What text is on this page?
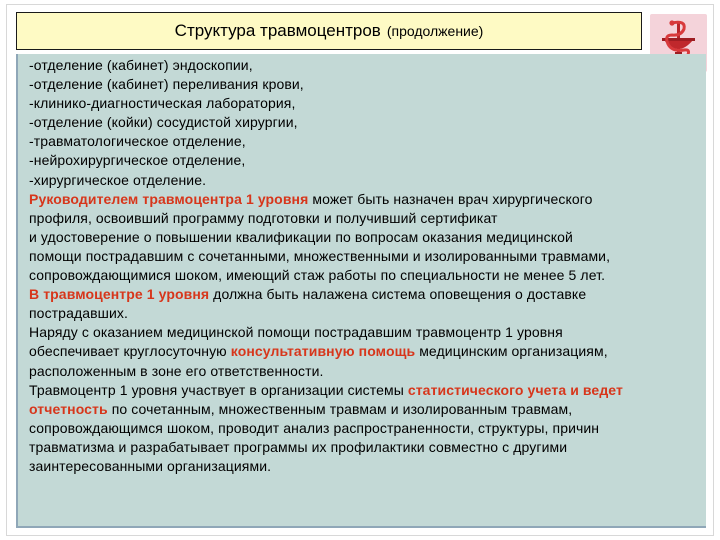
Структура травмоцентров (продолжение)
-отделение (кабинет) эндоскопии,
-отделение (кабинет) переливания крови,
-клинико-диагностическая лаборатория,
-отделение (койки) сосудистой хирургии,
-травматологическое отделение,
-нейрохирургическое отделение,
-хирургическое отделение.
Руководителем травмоцентра 1 уровня может быть назначен врач хирургического
профиля, освоивший программу подготовки и получивший сертификат
и удостоверение о повышении квалификации по вопросам оказания медицинской
помощи пострадавшим с сочетанными, множественными и изолированными травмами,
сопровождающимися шоком, имеющий стаж работы по специальности не менее 5 лет.
В травмоцентре 1 уровня должна быть налажена система оповещения о доставке
пострадавших.
Наряду с оказанием медицинской помощи пострадавшим травмоцентр 1 уровня
обеспечивает круглосуточную консультативную помощь медицинским организациям,
расположенным в зоне его ответственности.
Травмоцентр 1 уровня участвует в организации системы статистического учета и ведет
отчетность по сочетанным, множественным травмам и изолированным травмам,
сопровождающимся шоком, проводит анализ распространенности, структуры, причин
травматизма и разрабатывает программы их профилактики совместно с другими
заинтересованными организациями.
